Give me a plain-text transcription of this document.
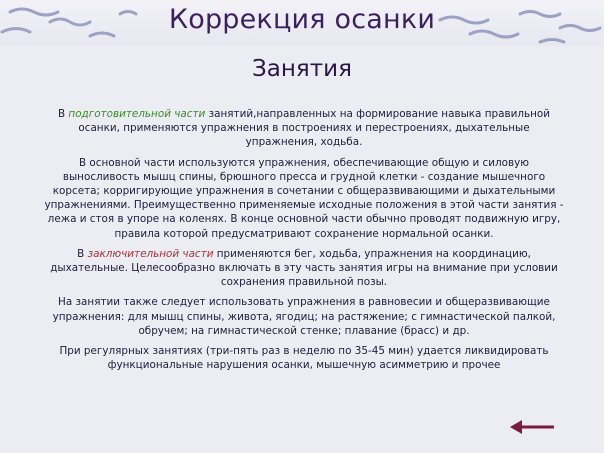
Коррекция осанки
Занятия

В подготовительной части занятий,направленных на формирование навыка правильной осанки, применяются упражнения в построениях и перестроениях, дыхательные упражнения, ходьба.

В основной части используются упражнения, обеспечивающие общую и силовую выносливость мышц спины, брюшного пресса и грудной клетки - создание мышечного корсета; корригирующие упражнения в сочетании с общеразвивающими и дыхательными упражнениями. Преимущественно применяемые исходные положения в этой части занятия - лежа и стоя в упоре на коленях. В конце основной части обычно проводят подвижную игру, правила которой предусматривают сохранение нормальной осанки.

В заключительной части применяются бег, ходьба, упражнения на координацию, дыхательные. Целесообразно включать в эту часть занятия игры на внимание при условии сохранения правильной позы.

На занятии также следует использовать упражнения в равновесии и общеразвивающие упражнения: для мышц спины, живота, ягодиц; на растяжение; с гимнастической палкой, обручем; на гимнастической стенке; плавание (брасс) и др.

При регулярных занятиях (три-пять раз в неделю по 35-45 мин) удается ликвидировать функциональные нарушения осанки, мышечную асимметрию и прочее
